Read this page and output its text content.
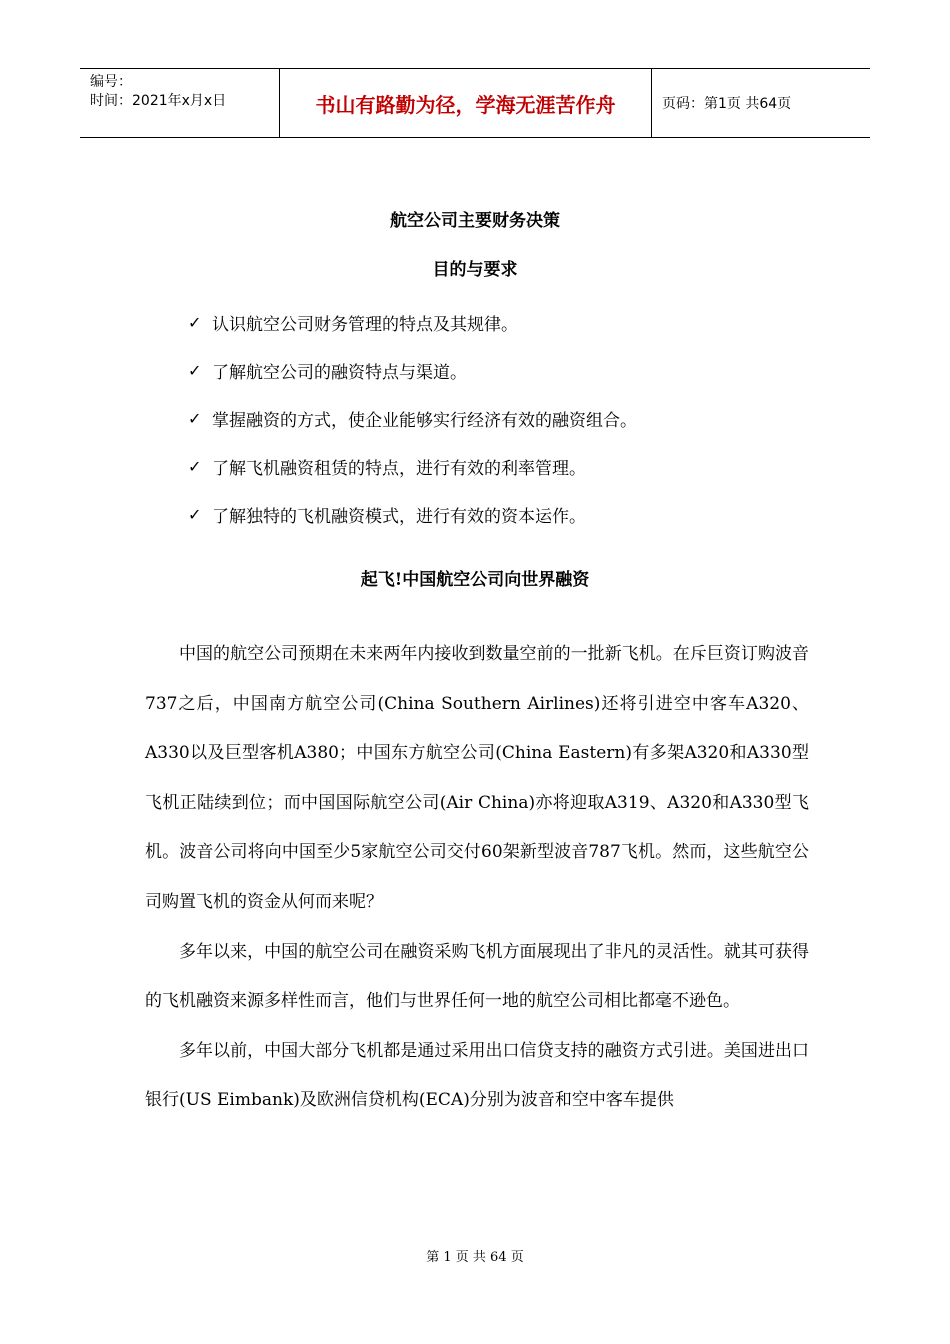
编号：
时间：2021年x月x日	书山有路勤为径，学海无涯苦作舟	页码：第1页 共64页
航空公司主要财务决策
目的与要求
✓ 认识航空公司财务管理的特点及其规律。
✓ 了解航空公司的融资特点与渠道。
✓ 掌握融资的方式，使企业能够实行经济有效的融资组合。
✓ 了解飞机融资租赁的特点，进行有效的利率管理。
✓ 了解独特的飞机融资模式，进行有效的资本运作。
起飞!中国航空公司向世界融资

中国的航空公司预期在未来两年内接收到数量空前的一批新飞机。在斥巨资订购波音737之后，中国南方航空公司(China Southern Airlines)还将引进空中客车A320、A330以及巨型客机A380；中国东方航空公司(China Eastern)有多架A320和A330型飞机正陆续到位；而中国国际航空公司(Air China)亦将迎取A319、A320和A330型飞机。波音公司将向中国至少5家航空公司交付60架新型波音787飞机。然而，这些航空公司购置飞机的资金从何而来呢？

多年以来，中国的航空公司在融资采购飞机方面展现出了非凡的灵活性。就其可获得的飞机融资来源多样性而言，他们与世界任何一地的航空公司相比都毫不逊色。

多年以前，中国大部分飞机都是通过采用出口信贷支持的融资方式引进。美国进出口银行(US Eimbank)及欧洲信贷机构(ECA)分别为波音和空中客车提供

第 1 页 共 64 页
